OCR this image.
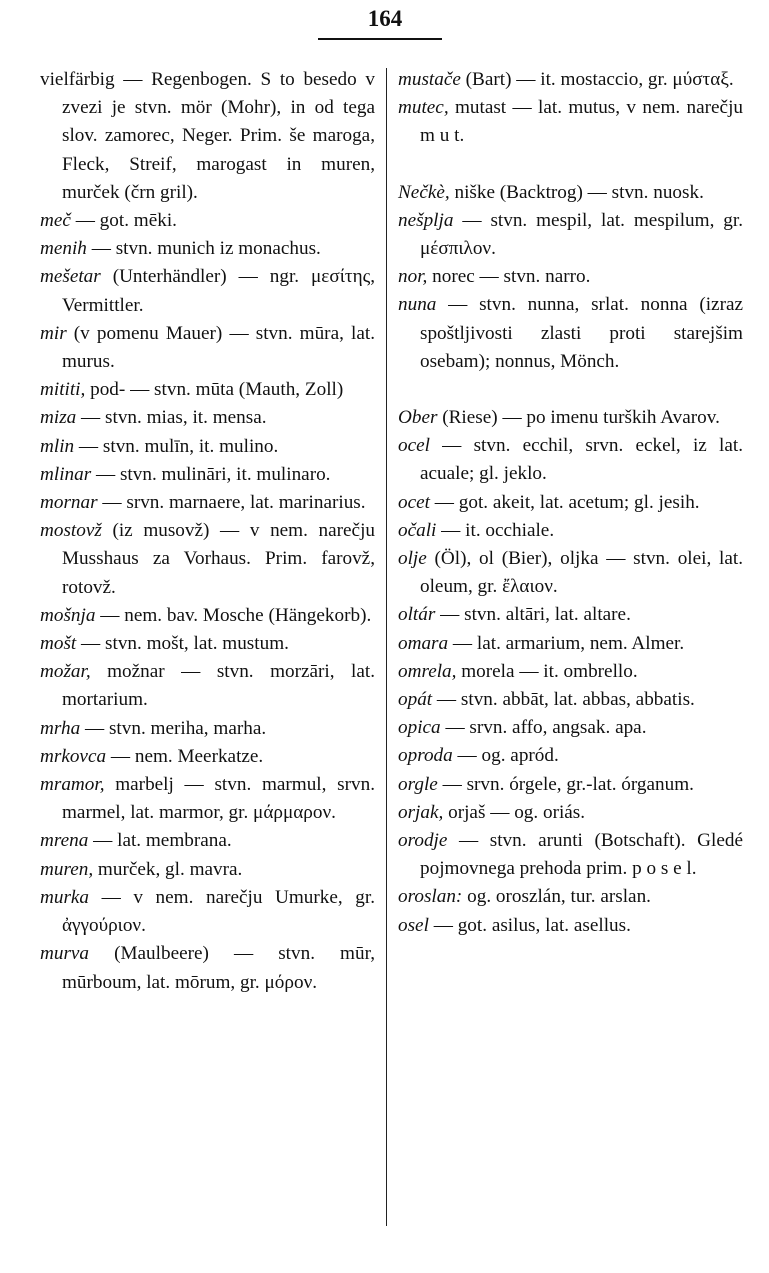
164

vielfärbig — Regenbogen. S to besedo v zvezi je stvn. mör (Mohr), in od tega slov. zamorec, Neger. Prim. še maroga, Fleck, Streif, marogast in muren, murček (črn gril).

meč — got. mēki.

menih — stvn. munich iz monachus.

mešetar (Unterhändler) — ngr. μεσίτης, Vermittler.

mir (v pomenu Mauer) — stvn. mūra, lat. murus.

mititi, pod- — stvn. mūta (Mauth, Zoll)

miza — stvn. mias, it. mensa.

mlin — stvn. mulīn, it. mulino.

mlinar — stvn. mulināri, it. mulinaro.

mornar — srvn. marnaere, lat. marinarius.

mostovž (iz musovž) — v nem. narečju Musshaus za Vorhaus. Prim. farovž, rotovž.

mošnja — nem. bav. Mosche (Hängekorb).

mošt — stvn. mošt, lat. mustum.

možar, možnar — stvn. morzāri, lat. mortarium.

mrha — stvn. meriha, marha.

mrkovca — nem. Meerkatze.

mramor, marbelj — stvn. marmul, srvn. marmel, lat. marmor, gr. μάρμαρον.

mrena — lat. membrana.

muren, murček, gl. mavra.

murka — v nem. narečju Umurke, gr. ἀγγούριον.

murva (Maulbeere) — stvn. mūr, mūrboum, lat. mōrum, gr. μόρον.

mustače (Bart) — it. mostaccio, gr. μύσταξ.

mutec, mutast — lat. mutus, v nem. narečju m u t.

Nečkè, niške (Backtrog) — stvn. nuosk.

nešplja — stvn. mespil, lat. mespilum, gr. μέσπιλον.

nor, norec — stvn. narro.

nuna — stvn. nunna, srlat. nonna (izraz spoštljivosti zlasti proti starejšim osebam); nonnus, Mönch.

Ober (Riese) — po imenu turških Avarov.

ocel — stvn. ecchil, srvn. eckel, iz lat. acuale; gl. jeklo.

ocet — got. akeit, lat. acetum; gl. jesih.

očali — it. occhiale.

olje (Öl), ol (Bier), oljka — stvn. olei, lat. oleum, gr. ἔλαιον.

oltár — stvn. altāri, lat. altare.

omara — lat. armarium, nem. Almer.

omrela, morela — it. ombrello.

opát — stvn. abbāt, lat. abbas, abbatis.

opica — srvn. affo, angsak. apa.

oproda — og. apród.

orgle — srvn. órgele, gr.-lat. órganum.

orjak, orjaš — og. oriás.

orodje — stvn. arunti (Botschaft). Gledé pojmovnega prehoda prim. p o s e l.

oroslan: og. oroszlán, tur. arslan.

osel — got. asilus, lat. asellus.
